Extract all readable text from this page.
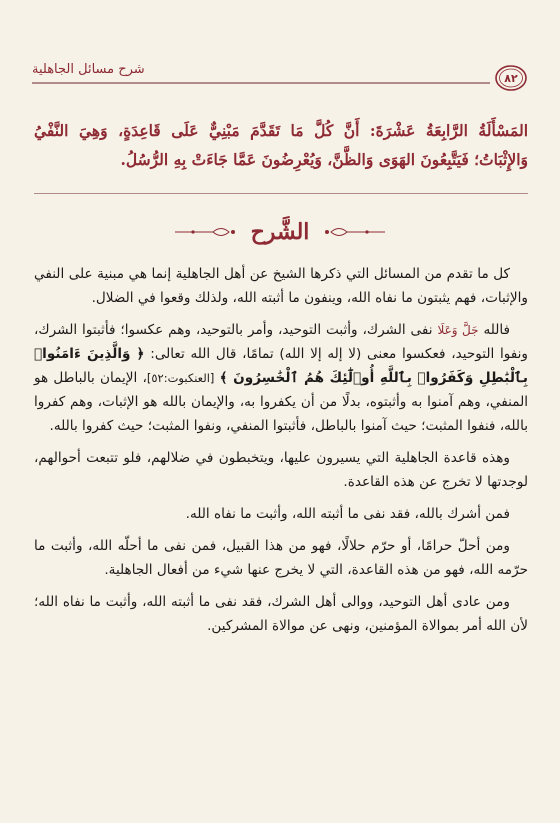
٨٢
شرح مسائل الجاهلية
المَسْأَلَةُ الرَّابِعَةُ عَشْرَةَ: أَنَّ كُلَّ مَا تَقَدَّمَ مَبْنِيٌّ عَلَى قَاعِدَةٍ، وَهِيَ النَّفْيُ وَالإِثْبَاتُ؛ فَيَتَّبِعُونَ الهَوَى وَالظَّنَّ، وَيُعْرِضُونَ عَمَّا جَاءَتْ بِهِ الرُّسُلُ.
الشَّرح

كل ما تقدم من المسائل التي ذكرها الشيخ عن أهل الجاهلية إنما هي مبنية على النفي والإثبات، فهم يثبتون ما نفاه الله، وينفون ما أثبته الله، ولذلك وقعوا في الضلال.

فالله جَلَّ وَعَلَا نفى الشرك، وأثبت التوحيد، وأمر بالتوحيد، وهم عكسوا؛ فأثبتوا الشرك، ونفوا التوحيد، فعكسوا معنى (لا إله إلا الله) تمامًا، قال الله تعالى: ﴿ وَالَّذِينَ ءَامَنُوا۟ بِٱلْبَٰطِلِ وَكَفَرُوا۟ بِٱللَّهِ أُو۟لَٰٓئِكَ هُمُ ٱلْخَٰسِرُونَ ﴾ [العنكبوت:٥٢]، الإيمان بالباطل هو المنفي، وهم آمنوا به وأثبتوه، بدلًا من أن يكفروا به، والإيمان بالله هو الإثبات، وهم كفروا بالله، فنفوا المثبت؛ حيث آمنوا بالباطل، فأثبتوا المنفي، ونفوا المثبت؛ حيث كفروا بالله.

وهذه قاعدة الجاهلية التي يسيرون عليها، ويتخبطون في ضلالهم، فلو تتبعت أحوالهم، لوجدتها لا تخرج عن هذه القاعدة.

فمن أشرك بالله، فقد نفى ما أثبته الله، وأثبت ما نفاه الله.

ومن أحلّ حرامًا، أو حرّم حلالًا، فهو من هذا القبيل، فمن نفى ما أحلّه الله، وأثبت ما حرّمه الله، فهو من هذه القاعدة، التي لا يخرج عنها شيء من أفعال الجاهلية.

ومن عادى أهل التوحيد، ووالى أهل الشرك، فقد نفى ما أثبته الله، وأثبت ما نفاه الله؛ لأن الله أمر بموالاة المؤمنين، ونهى عن موالاة المشركين.
